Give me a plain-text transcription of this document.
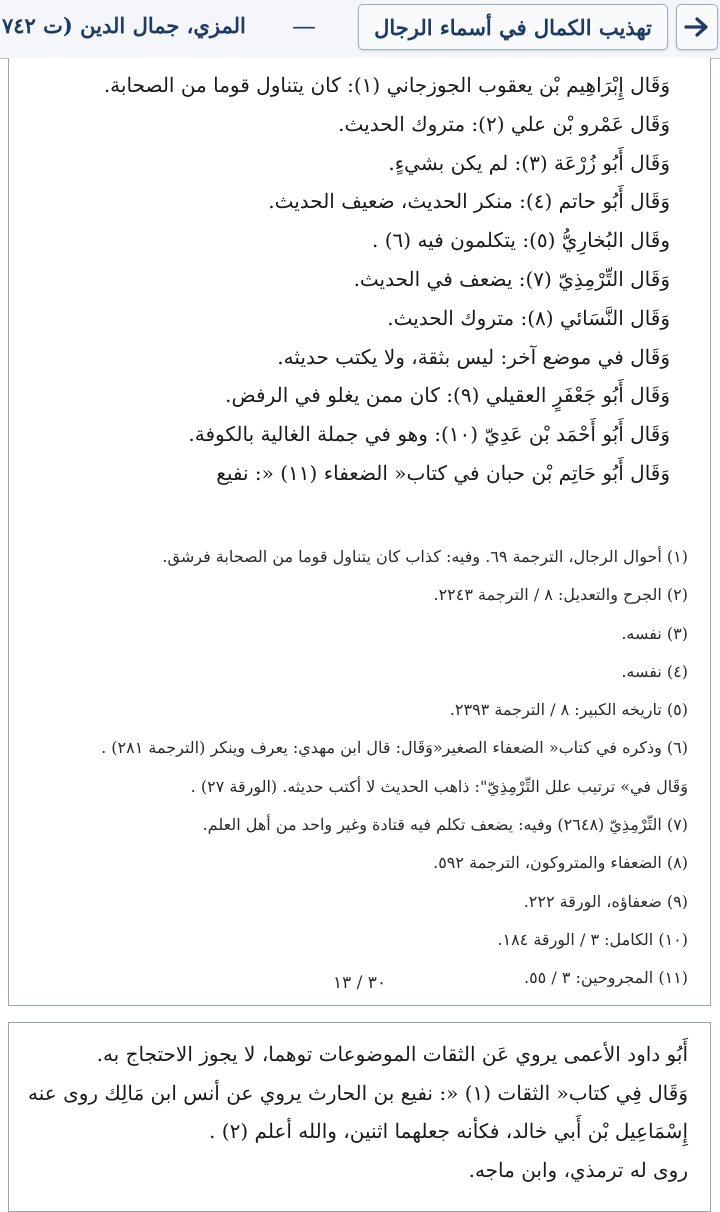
تهذيب الكمال في أسماء الرجال
—
المزي، جمال الدين (ت ٧٤٢
وَقَال إِبْرَاهِيم بْن يعقوب الجوزجاني (١): كان يتناول قوما من الصحابة.
وَقَال عَمْرو بْن علي (٢): متروك الحديث.
وَقَال أَبُو زُرْعَة (٣): لم يكن بشيءٍ.
وَقَال أَبُو حاتم (٤): منكر الحديث، ضعيف الحديث.
وقَال البُخارِيُّ (٥): يتكلمون فيه (٦) .
وَقَال التِّرْمِذِيّ (٧): يضعف في الحديث.
وَقَال النَّسَائي (٨): متروك الحديث.
وَقَال في موضع آخر: ليس بثقة، ولا يكتب حديثه.
وَقَال أَبُو جَعْفَرٍ العقيلي (٩): كان ممن يغلو في الرفض.
وَقَال أَبُو أَحْمَد بْن عَدِيّ (١٠): وهو في جملة الغالية بالكوفة.
وَقَال أَبُو حَاتِم بْن حبان في كتاب« الضعفاء (١١) «: نفيع
(١) أحوال الرجال، الترجمة ٦٩. وفيه: كذاب كان يتناول قوما من الصحابة فرشق.
(٢) الجرح والتعديل: ٨ / الترجمة ٢٢٤٣.
(٣) نفسه.
(٤) نفسه.
(٥) تاريخه الكبير: ٨ / الترجمة ٢٣٩٣.
(٦) وذكره في كتاب« الضعفاء الصغير«وَقَال: قال ابن مهدي: يعرف وينكر (الترجمة ٢٨١) .
وَقَال في» ترتيب علل التِّرْمِذِيّ": ذاهب الحديث لا أكتب حديثه. (الورقة ٢٧) .
(٧) التِّرْمِذِيّ (٢٦٤٨) وفيه: يضعف تكلم فيه قتادة وغير واحد من أهل العلم.
(٨) الضعفاء والمتروكون، الترجمة ٥٩٢.
(٩) ضعفاؤه، الورقة ٢٢٢.
(١٠) الكامل: ٣ / الورقة ١٨٤.
(١١) المجروحين: ٣ / ٥٥.
٣٠ / ١٣
أَبُو داود الأعمى يروي عَن الثقات الموضوعات توهما، لا يجوز الاحتجاج به.
وَقَال فِي كتاب« الثقات (١) «: نفيع بن الحارث يروي عن أنس ابن مَالِك روى عنه
إِسْمَاعِيل بْن أَبي خالد، فكأنه جعلهما اثنين، والله أعلم (٢) .
روى له ترمذي، وابن ماجه.
